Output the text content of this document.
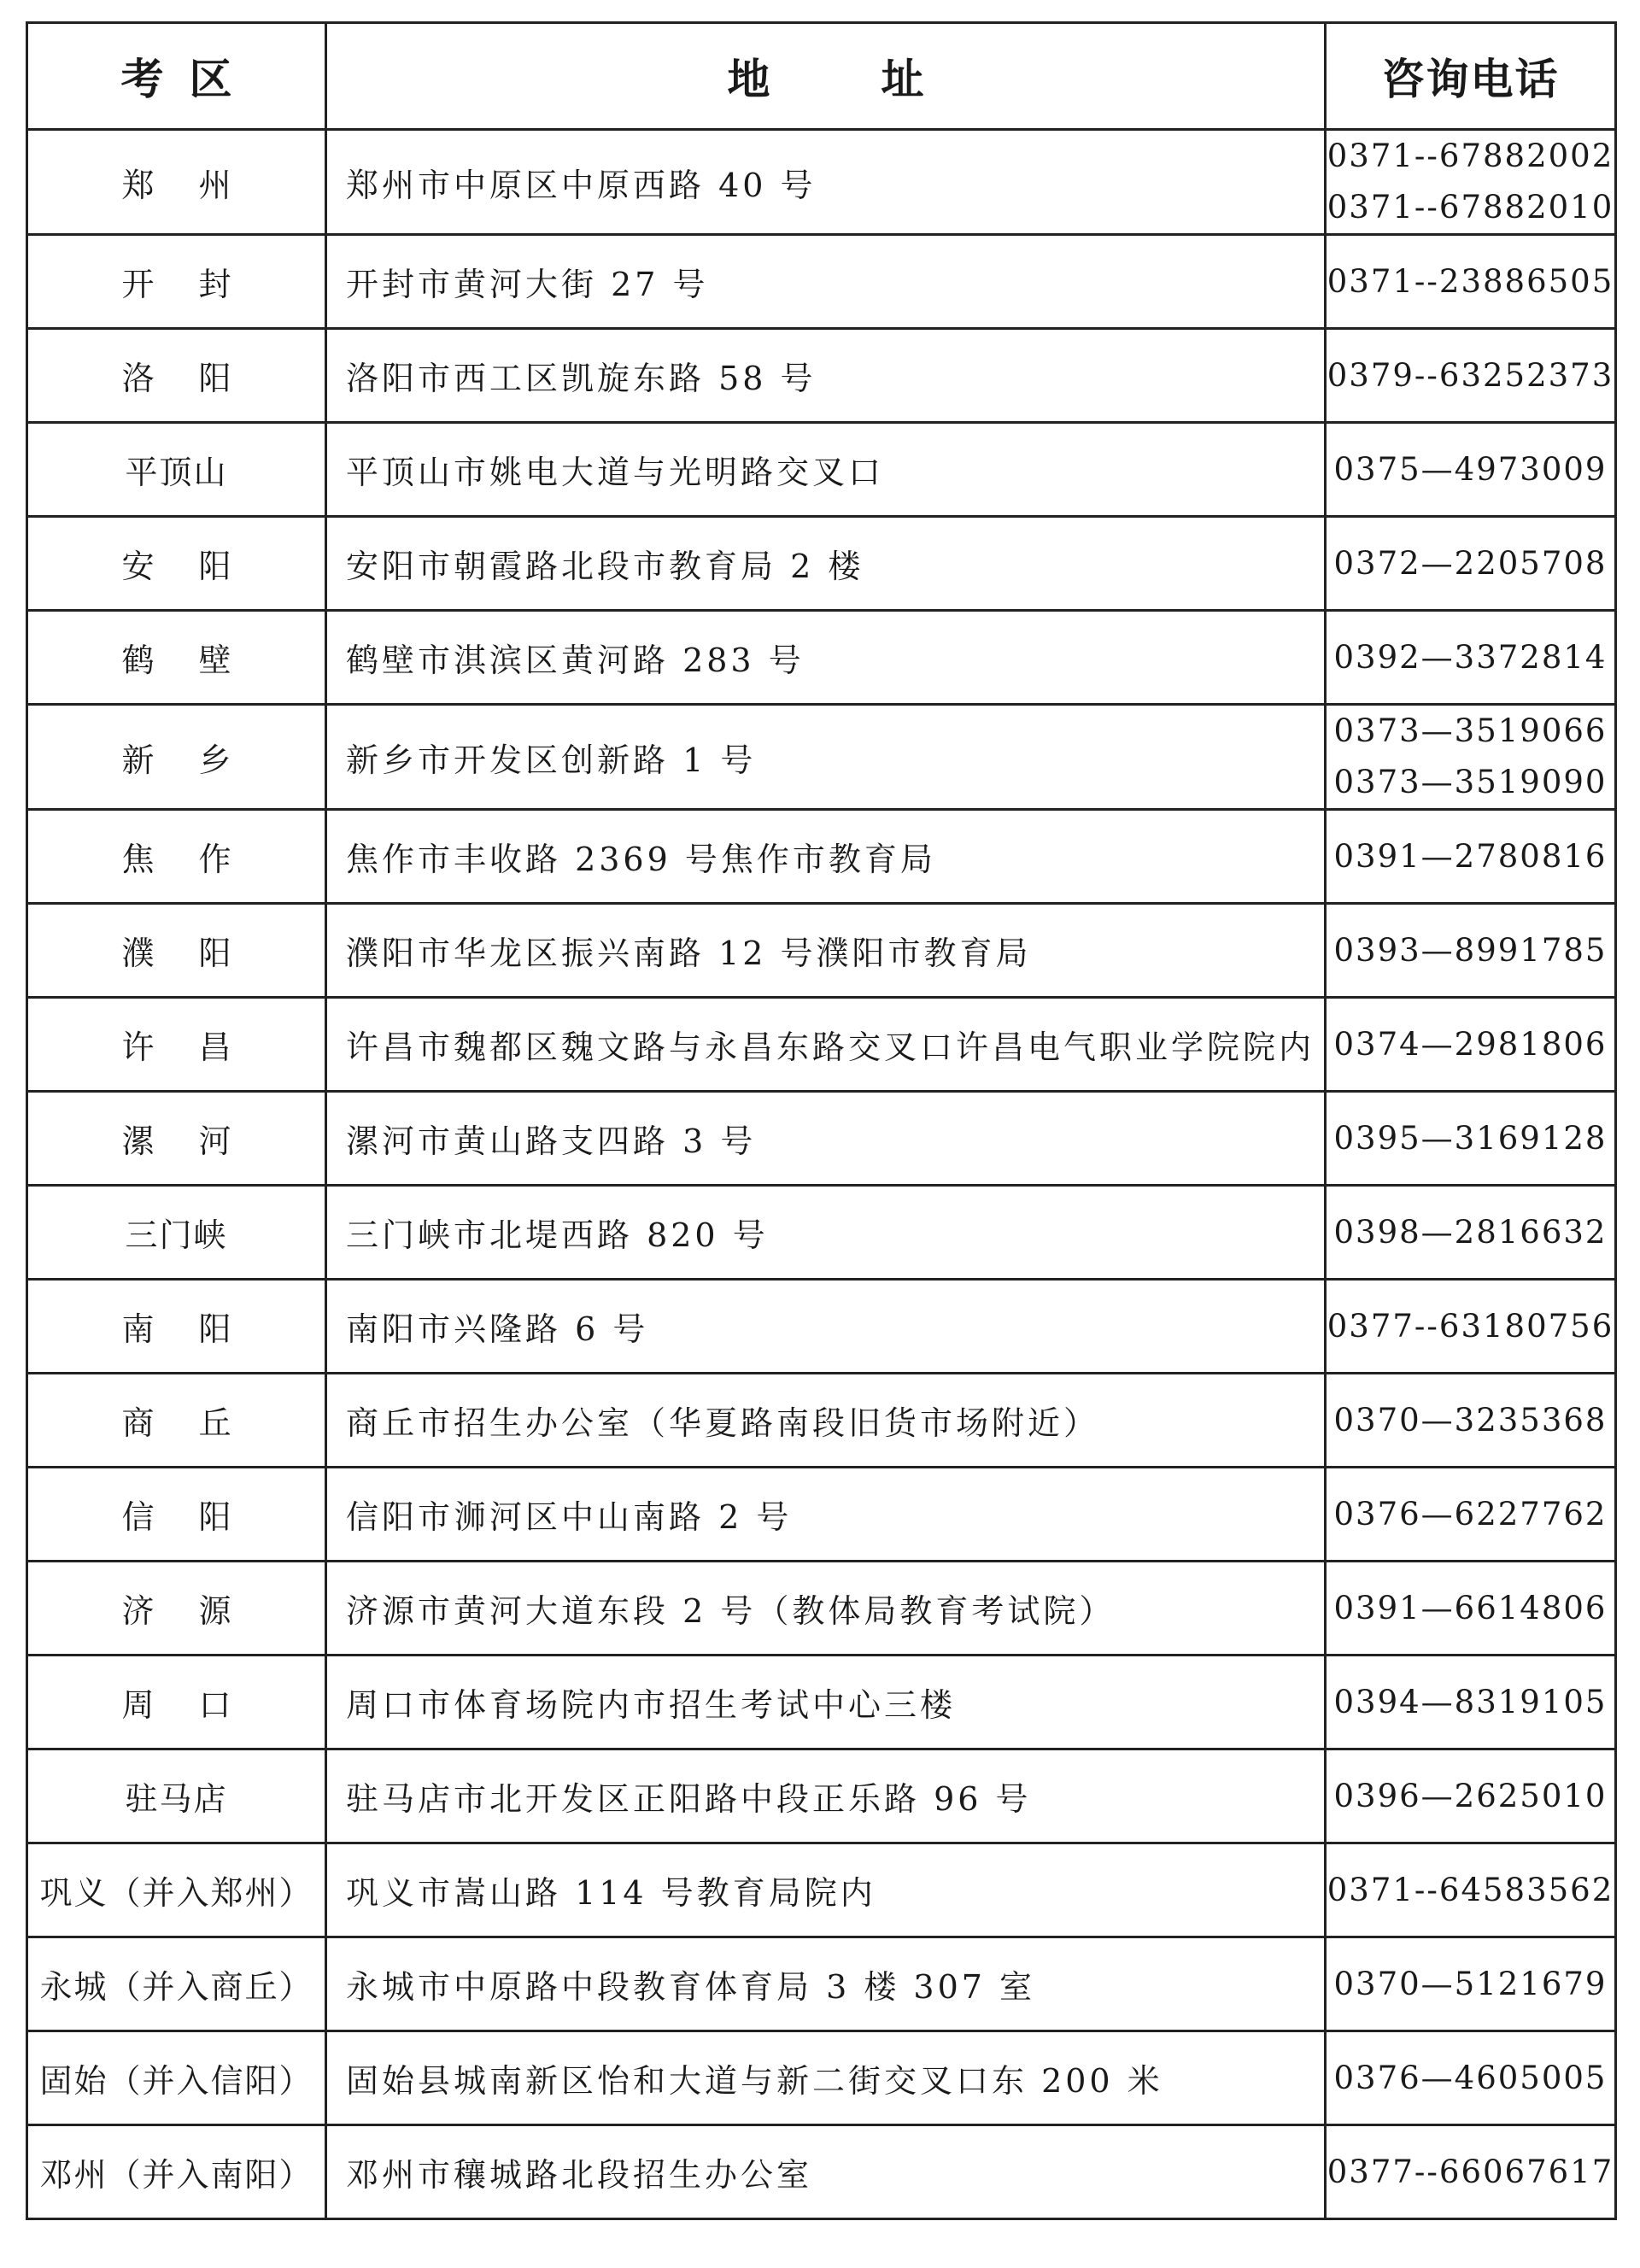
考区	地址	咨询电话
郑州	郑州市中原区中原西路 40 号	0371--67882002
0371--67882010

开封	开封市黄河大街 27 号	0371--23886505

洛阳	洛阳市西工区凯旋东路 58 号	0379--63252373

平顶山	平顶山市姚电大道与光明路交叉口	0375—4973009

安阳	安阳市朝霞路北段市教育局 2 楼	0372—2205708

鹤壁	鹤壁市淇滨区黄河路 283 号	0392—3372814

新乡	新乡市开发区创新路 1 号	0373—3519066
0373—3519090

焦作	焦作市丰收路 2369 号焦作市教育局	0391—2780816

濮阳	濮阳市华龙区振兴南路 12 号濮阳市教育局	0393—8991785

许昌	许昌市魏都区魏文路与永昌东路交叉口许昌电气职业学院院内	0374—2981806

漯河	漯河市黄山路支四路 3 号	0395—3169128

三门峡	三门峡市北堤西路 820 号	0398—2816632

南阳	南阳市兴隆路 6 号	0377--63180756

商丘	商丘市招生办公室（华夏路南段旧货市场附近）	0370—3235368

信阳	信阳市浉河区中山南路 2 号	0376—6227762

济源	济源市黄河大道东段 2 号（教体局教育考试院）	0391—6614806

周口	周口市体育场院内市招生考试中心三楼	0394—8319105

驻马店	驻马店市北开发区正阳路中段正乐路 96 号	0396—2625010

巩义（并入郑州）	巩义市嵩山路 114 号教育局院内	0371--64583562

永城（并入商丘）	永城市中原路中段教育体育局 3 楼 307 室	0370—5121679

固始（并入信阳）	固始县城南新区怡和大道与新二街交叉口东 200 米	0376—4605005

邓州（并入南阳）	邓州市穰城路北段招生办公室	0377--66067617
